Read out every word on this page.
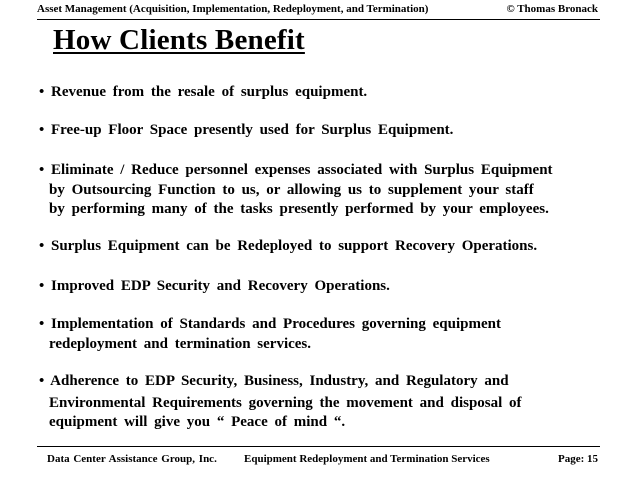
Asset Management (Acquisition, Implementation, Redeployment, and Termination)	© Thomas Bronack
How Clients Benefit
• Revenue from the resale of surplus equipment.
• Free-up Floor Space presently used for Surplus Equipment.
• Eliminate / Reduce personnel expenses associated with Surplus Equipment
by Outsourcing Function to us, or allowing us to supplement your staff
by performing many of the tasks presently performed by your employees.
• Surplus Equipment can be Redeployed to support Recovery Operations.
• Improved EDP Security and Recovery Operations.
• Implementation of Standards and Procedures governing equipment
redeployment and termination services.
• Adherence to EDP Security, Business, Industry, and Regulatory and
Environmental Requirements governing the movement and disposal of
equipment will give you “ Peace of mind “.
Data Center Assistance Group, Inc. Equipment Redeployment and Termination Services	Page: 15
